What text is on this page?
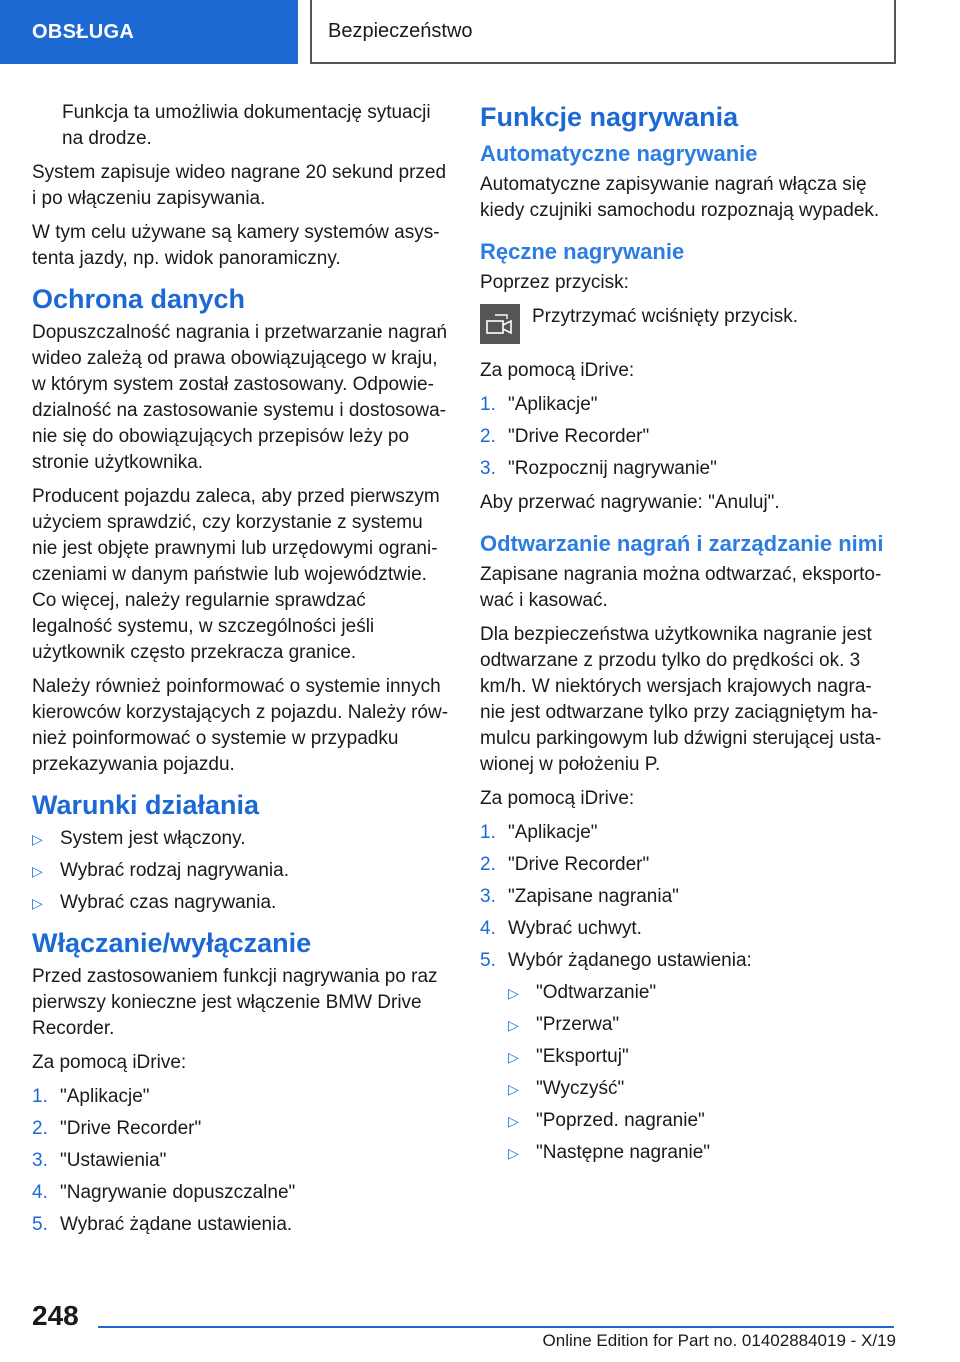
OBSŁUGA	Bezpieczeństwo

Funkcja ta umożliwia dokumentację sytuacji na drodze.

System zapisuje wideo nagrane 20 sekund przed i po włączeniu zapisywania.

W tym celu używane są kamery systemów asys- tenta jazdy, np. widok panoramiczny.

Ochrona danych

Dopuszczalność nagrania i przetwarzanie nagrań wideo zależą od prawa obowiązującego w kraju, w którym system został zastosowany. Odpowie- dzialność na zastosowanie systemu i dostosowa- nie się do obowiązujących przepisów leży po stronie użytkownika.

Producent pojazdu zaleca, aby przed pierwszym użyciem sprawdzić, czy korzystanie z systemu nie jest objęte prawnymi lub urzędowymi ograni- czeniami w danym państwie lub województwie. Co więcej, należy regularnie sprawdzać legalność systemu, w szczególności jeśli użytkownik często przekracza granice.

Należy również poinformować o systemie innych kierowców korzystających z pojazdu. Należy rów- nież poinformować o systemie w przypadku przekazywania pojazdu.

Warunki działania
▷ System jest włączony.
▷ Wybrać rodzaj nagrywania.
▷ Wybrać czas nagrywania.
Włączanie/wyłączanie

Przed zastosowaniem funkcji nagrywania po raz pierwszy konieczne jest włączenie BMW Drive Recorder.

Za pomocą iDrive:

1. "Aplikacje"
2. "Drive Recorder"
3. "Ustawienia"
4. "Nagrywanie dopuszczalne"
5. Wybrać żądane ustawienia.
Funkcje nagrywania
Automatyczne nagrywanie

Automatyczne zapisywanie nagrań włącza się kiedy czujniki samochodu rozpoznają wypadek.

Ręczne nagrywanie

Poprzez przycisk:

Przytrzymać wciśnięty przycisk.

Za pomocą iDrive:

1. "Aplikacje"
2. "Drive Recorder"
3. "Rozpocznij nagrywanie"

Aby przerwać nagrywanie: "Anuluj".

Odtwarzanie nagrań i zarządzanie nimi

Zapisane nagrania można odtwarzać, eksporto- wać i kasować.

Dla bezpieczeństwa użytkownika nagranie jest odtwarzane z przodu tylko do prędkości ok. 3 km/h. W niektórych wersjach krajowych nagra- nie jest odtwarzane tylko przy zaciągniętym ha- mulcu parkingowym lub dźwigni sterującej usta- wionej w położeniu P.

Za pomocą iDrive:

1. "Aplikacje"
2. "Drive Recorder"
3. "Zapisane nagrania"
4. Wybrać uchwyt.
5. Wybór żądanego ustawienia:
▷ "Odtwarzanie"
▷ "Przerwa"
▷ "Eksportuj"
▷ "Wyczyść"
▷ "Poprzed. nagranie"
▷ "Następne nagranie"
248
Online Edition for Part no. 01402884019 - X/19
